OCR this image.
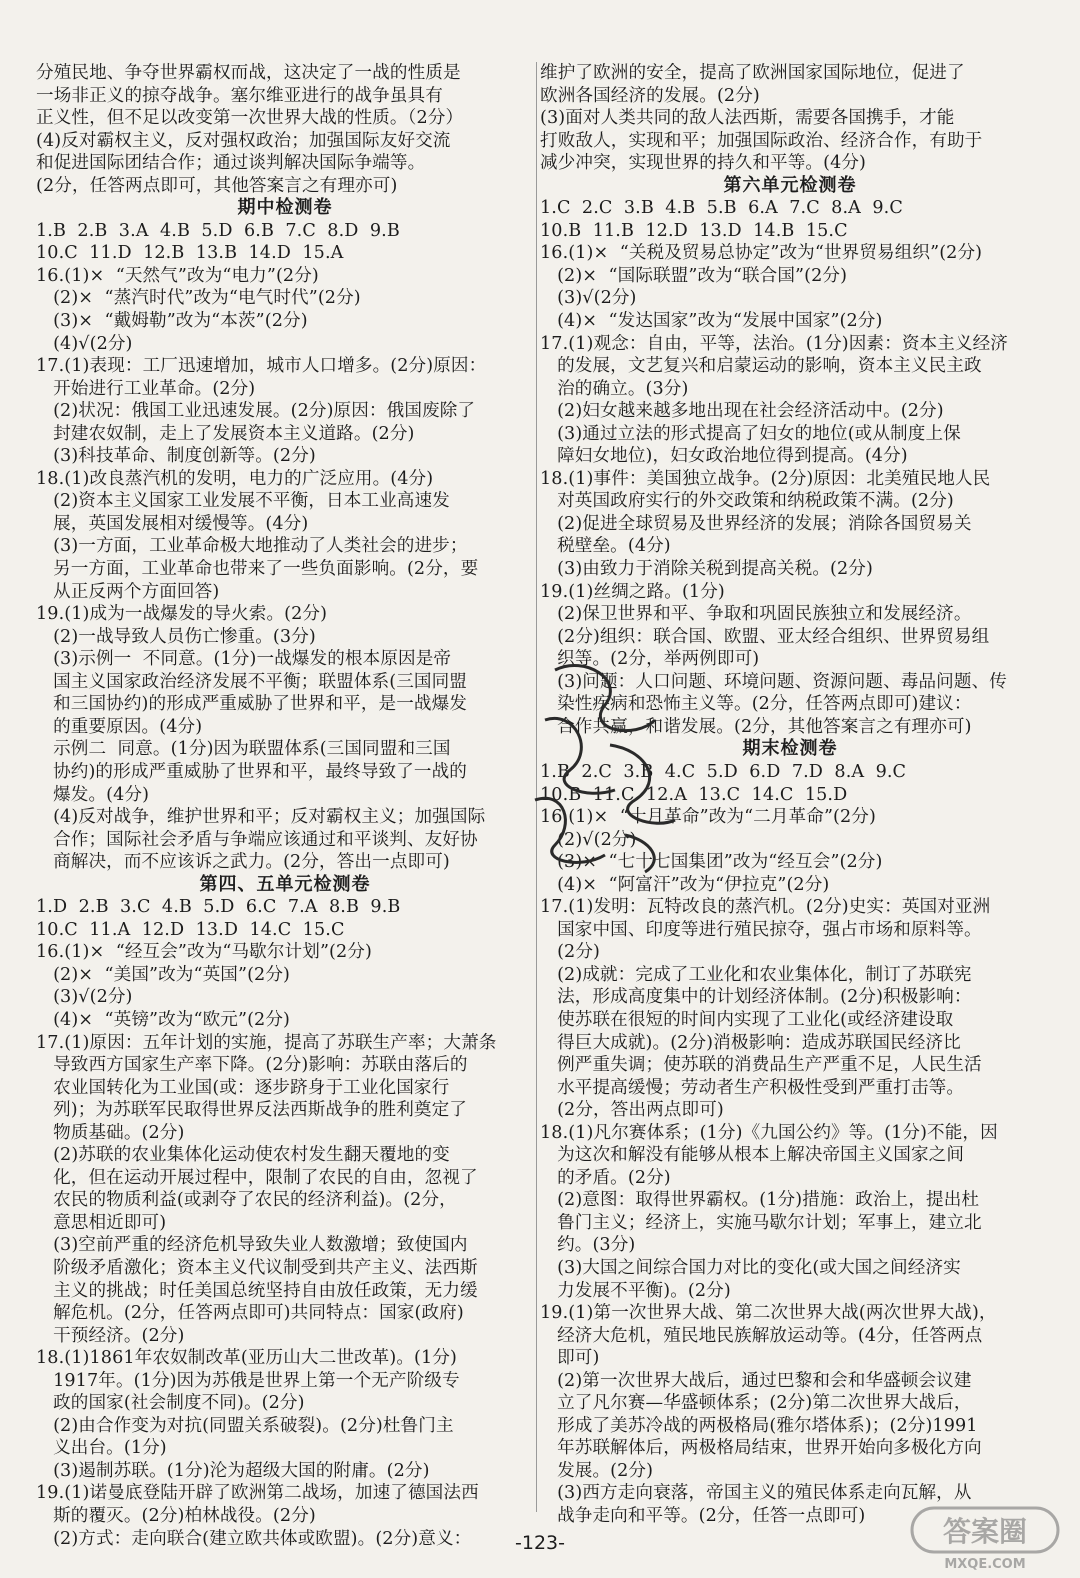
分殖民地、争夺世界霸权而战，这决定了一战的性质是
一场非正义的掠夺战争。塞尔维亚进行的战争虽具有
正义性，但不足以改变第一次世界大战的性质。（2分）
(4)反对霸权主义，反对强权政治；加强国际友好交流
和促进国际团结合作；通过谈判解决国际争端等。
(2分，任答两点即可，其他答案言之有理亦可)
期中检测卷
1.B  2.B  3.A  4.B  5.D  6.B  7.C  8.D  9.B
10.C  11.D  12.B  13.B  14.D  15.A
16.(1)×  “天然气”改为“电力”(2分)
(2)×  “蒸汽时代”改为“电气时代”(2分)
(3)×  “戴姆勒”改为“本茨”(2分)
(4)√(2分)
17.(1)表现：工厂迅速增加，城市人口增多。(2分)原因：
开始进行工业革命。(2分)
(2)状况：俄国工业迅速发展。(2分)原因：俄国废除了
封建农奴制，走上了发展资本主义道路。(2分)
(3)科技革命、制度创新等。(2分)
18.(1)改良蒸汽机的发明，电力的广泛应用。(4分)
(2)资本主义国家工业发展不平衡，日本工业高速发
展，英国发展相对缓慢等。(4分)
(3)一方面，工业革命极大地推动了人类社会的进步；
另一方面，工业革命也带来了一些负面影响。(2分，要
从正反两个方面回答)
19.(1)成为一战爆发的导火索。(2分)
(2)一战导致人员伤亡惨重。(3分)
(3)示例一  不同意。(1分)一战爆发的根本原因是帝
国主义国家政治经济发展不平衡；联盟体系(三国同盟
和三国协约)的形成严重威胁了世界和平，是一战爆发
的重要原因。(4分)
示例二  同意。(1分)因为联盟体系(三国同盟和三国
协约)的形成严重威胁了世界和平，最终导致了一战的
爆发。(4分)
(4)反对战争，维护世界和平；反对霸权主义；加强国际
合作；国际社会矛盾与争端应该通过和平谈判、友好协
商解决，而不应该诉之武力。(2分，答出一点即可)
第四、五单元检测卷
1.D  2.B  3.C  4.B  5.D  6.C  7.A  8.B  9.B
10.C  11.A  12.D  13.D  14.C  15.C
16.(1)×  “经互会”改为“马歇尔计划”(2分)
(2)×  “美国”改为“英国”(2分)
(3)√(2分)
(4)×  “英镑”改为“欧元”(2分)
17.(1)原因：五年计划的实施，提高了苏联生产率；大萧条
导致西方国家生产率下降。(2分)影响：苏联由落后的
农业国转化为工业国(或：逐步跻身于工业化国家行
列)；为苏联军民取得世界反法西斯战争的胜利奠定了
物质基础。(2分)
(2)苏联的农业集体化运动使农村发生翻天覆地的变
化，但在运动开展过程中，限制了农民的自由，忽视了
农民的物质利益(或剥夺了农民的经济利益)。(2分，
意思相近即可)
(3)空前严重的经济危机导致失业人数激增；致使国内
阶级矛盾激化；资本主义代议制受到共产主义、法西斯
主义的挑战；时任美国总统坚持自由放任政策，无力缓
解危机。(2分，任答两点即可)共同特点：国家(政府)
干预经济。(2分)
18.(1)1861年农奴制改革(亚历山大二世改革)。(1分)
1917年。(1分)因为苏俄是世界上第一个无产阶级专
政的国家(社会制度不同)。(2分)
(2)由合作变为对抗(同盟关系破裂)。(2分)杜鲁门主
义出台。(1分)
(3)遏制苏联。(1分)沦为超级大国的附庸。(2分)
19.(1)诺曼底登陆开辟了欧洲第二战场，加速了德国法西
斯的覆灭。(2分)柏林战役。(2分)
(2)方式：走向联合(建立欧共体或欧盟)。(2分)意义：
维护了欧洲的安全，提高了欧洲国家国际地位，促进了
欧洲各国经济的发展。(2分)
(3)面对人类共同的敌人法西斯，需要各国携手，才能
打败敌人，实现和平；加强国际政治、经济合作，有助于
减少冲突，实现世界的持久和平等。(4分)
第六单元检测卷
1.C  2.C  3.B  4.B  5.B  6.A  7.C  8.A  9.C
10.B  11.B  12.D  13.D  14.B  15.C
16.(1)×  “关税及贸易总协定”改为“世界贸易组织”(2分)
(2)×  “国际联盟”改为“联合国”(2分)
(3)√(2分)
(4)×  “发达国家”改为“发展中国家”(2分)
17.(1)观念：自由，平等，法治。(1分)因素：资本主义经济
的发展，文艺复兴和启蒙运动的影响，资本主义民主政
治的确立。(3分)
(2)妇女越来越多地出现在社会经济活动中。(2分)
(3)通过立法的形式提高了妇女的地位(或从制度上保
障妇女地位)，妇女政治地位得到提高。(4分)
18.(1)事件：美国独立战争。(2分)原因：北美殖民地人民
对英国政府实行的外交政策和纳税政策不满。(2分)
(2)促进全球贸易及世界经济的发展；消除各国贸易关
税壁垒。(4分)
(3)由致力于消除关税到提高关税。(2分)
19.(1)丝绸之路。(1分)
(2)保卫世界和平、争取和巩固民族独立和发展经济。
(2分)组织：联合国、欧盟、亚太经合组织、世界贸易组
织等。(2分，举两例即可)
(3)问题：人口问题、环境问题、资源问题、毒品问题、传
染性疾病和恐怖主义等。(2分，任答两点即可)建议：
合作共赢，和谐发展。(2分，其他答案言之有理亦可)
期末检测卷
1.B  2.C  3.B  4.C  5.D  6.D  7.D  8.A  9.C
10.B  11.C  12.A  13.C  14.C  15.D
16.(1)×  “十月革命”改为“二月革命”(2分)
(2)√(2分)
(3)×  “七十七国集团”改为“经互会”(2分)
(4)×  “阿富汗”改为“伊拉克”(2分)
17.(1)发明：瓦特改良的蒸汽机。(2分)史实：英国对亚洲
国家中国、印度等进行殖民掠夺，强占市场和原料等。
(2分)
(2)成就：完成了工业化和农业集体化，制订了苏联宪
法，形成高度集中的计划经济体制。(2分)积极影响：
使苏联在很短的时间内实现了工业化(或经济建设取
得巨大成就)。(2分)消极影响：造成苏联国民经济比
例严重失调；使苏联的消费品生产严重不足，人民生活
水平提高缓慢；劳动者生产积极性受到严重打击等。
(2分，答出两点即可)
18.(1)凡尔赛体系；(1分)《九国公约》等。(1分)不能，因
为这次和解没有能够从根本上解决帝国主义国家之间
的矛盾。(2分)
(2)意图：取得世界霸权。(1分)措施：政治上，提出杜
鲁门主义；经济上，实施马歇尔计划；军事上，建立北
约。(3分)
(3)大国之间综合国力对比的变化(或大国之间经济实
力发展不平衡)。(2分)
19.(1)第一次世界大战、第二次世界大战(两次世界大战)，
经济大危机，殖民地民族解放运动等。(4分，任答两点
即可)
(2)第一次世界大战后，通过巴黎和会和华盛顿会议建
立了凡尔赛—华盛顿体系；(2分)第二次世界大战后，
形成了美苏冷战的两极格局(雅尔塔体系)；(2分)1991
年苏联解体后，两极格局结束，世界开始向多极化方向
发展。(2分)
(3)西方走向衰落，帝国主义的殖民体系走向瓦解，从
战争走向和平等。(2分，任答一点即可)
-123-	答案圈
MXQE.COM
